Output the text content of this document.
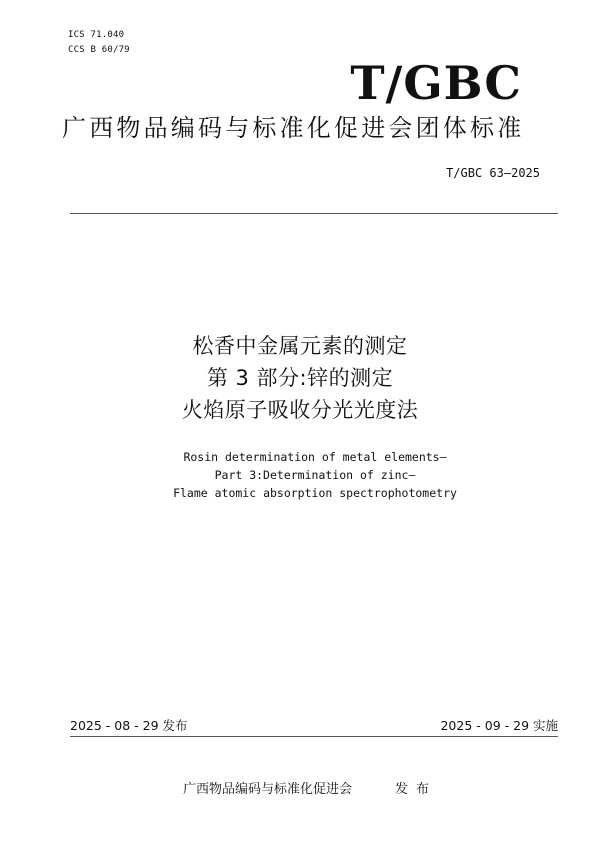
ICS 71.040
CCS B 60/79
T/GBC
广西物品编码与标准化促进会团体标准
T/GBC 63—2025
松香中金属元素的测定
第 3 部分:锌的测定
火焰原子吸收分光光度法
Rosin determination of metal elements—
Part 3:Determination of zinc—
Flame atomic absorption spectrophotometry
2025 - 08 - 29 发布	2025 - 09 - 29 实施
广西物品编码与标准化促进会	发布
